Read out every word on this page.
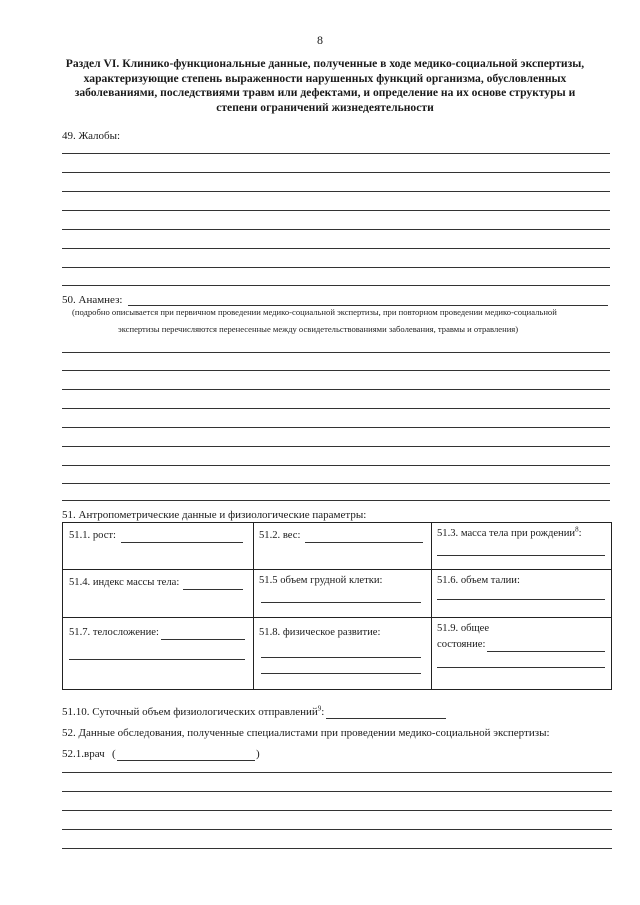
8
Раздел VI. Клинико-функциональные данные, полученные в ходе медико-социальной экспертизы,
характеризующие степень выраженности нарушенных функций организма, обусловленных
заболеваниями, последствиями травм или дефектами, и определение на их основе структуры и
степени ограничений жизнедеятельности
49. Жалобы:
50. Анамнез:
(подробно описывается при первичном проведении медико-социальной экспертизы, при повторном проведении медико-социальной
экспертизы перечисляются перенесенные между освидетельствованиями заболевания, травмы и отравления)
51. Антропометрические данные и физиологические параметры:
51.1. рост:	51.2. вес:	51.3. масса тела при рождении$^8$:
51.4. индекс массы тела:	51.5 объем грудной клетки:	51.6. объем талии:
51.7. телосложение:	51.8. физическое развитие:	51.9. общее
состояние:
51.10. Суточный объем физиологических отправлений$^9$:
52. Данные обследования, полученные специалистами при проведении медико-социальной экспертизы:
52.1.врач (	)
